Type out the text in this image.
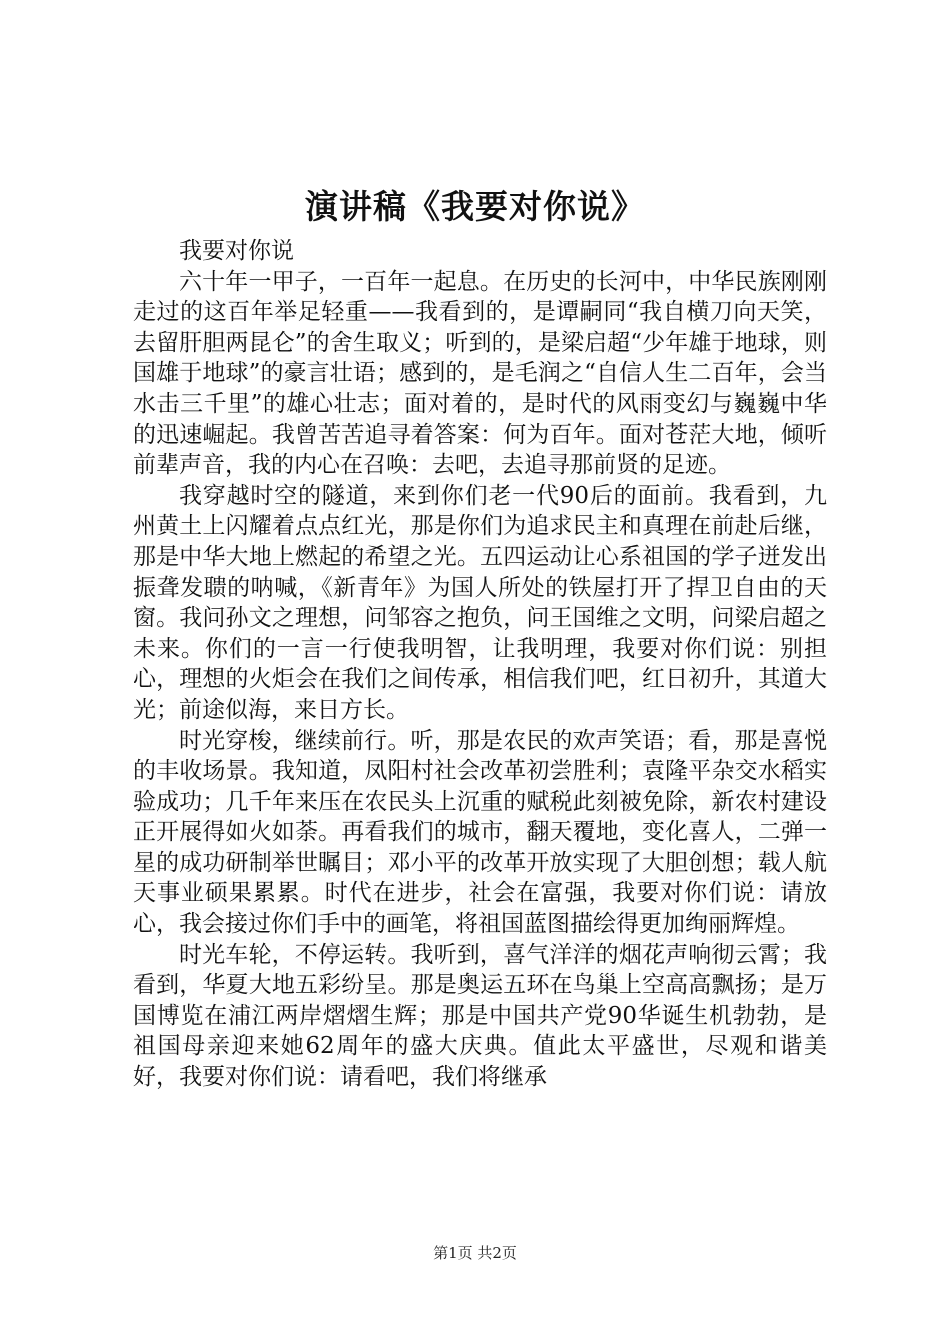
演讲稿《我要对你说》

我要对你说

六十年一甲子，一百年一起息。在历史的长河中，中华民族刚刚走过的这百年举足轻重——我看到的，是谭嗣同“我自横刀向天笑，去留肝胆两昆仑”的舍生取义；听到的，是梁启超“少年雄于地球，则国雄于地球”的豪言壮语；感到的，是毛润之“自信人生二百年，会当水击三千里”的雄心壮志；面对着的，是时代的风雨变幻与巍巍中华的迅速崛起。我曾苦苦追寻着答案：何为百年。面对苍茫大地，倾听前辈声音，我的内心在召唤：去吧，去追寻那前贤的足迹。

我穿越时空的隧道，来到你们老一代90后的面前。我看到，九州黄土上闪耀着点点红光，那是你们为追求民主和真理在前赴后继，那是中华大地上燃起的希望之光。五四运动让心系祖国的学子迸发出振聋发聩的呐喊，《新青年》为国人所处的铁屋打开了捍卫自由的天窗。我问孙文之理想，问邹容之抱负，问王国维之文明，问梁启超之未来。你们的一言一行使我明智，让我明理，我要对你们说：别担心，理想的火炬会在我们之间传承，相信我们吧，红日初升，其道大光；前途似海，来日方长。

时光穿梭，继续前行。听，那是农民的欢声笑语；看，那是喜悦的丰收场景。我知道，凤阳村社会改革初尝胜利；袁隆平杂交水稻实验成功；几千年来压在农民头上沉重的赋税此刻被免除，新农村建设正开展得如火如荼。再看我们的城市，翻天覆地，变化喜人，二弹一星的成功研制举世瞩目；邓小平的改革开放实现了大胆创想；载人航天事业硕果累累。时代在进步，社会在富强，我要对你们说：请放心，我会接过你们手中的画笔，将祖国蓝图描绘得更加绚丽辉煌。

时光车轮，不停运转。我听到，喜气洋洋的烟花声响彻云霄；我看到，华夏大地五彩纷呈。那是奥运五环在鸟巢上空高高飘扬；是万国博览在浦江两岸熠熠生辉；那是中国共产党90华诞生机勃勃，是祖国母亲迎来她62周年的盛大庆典。值此太平盛世，尽观和谐美好，我要对你们说：请看吧，我们将继承

第1页 共2页
